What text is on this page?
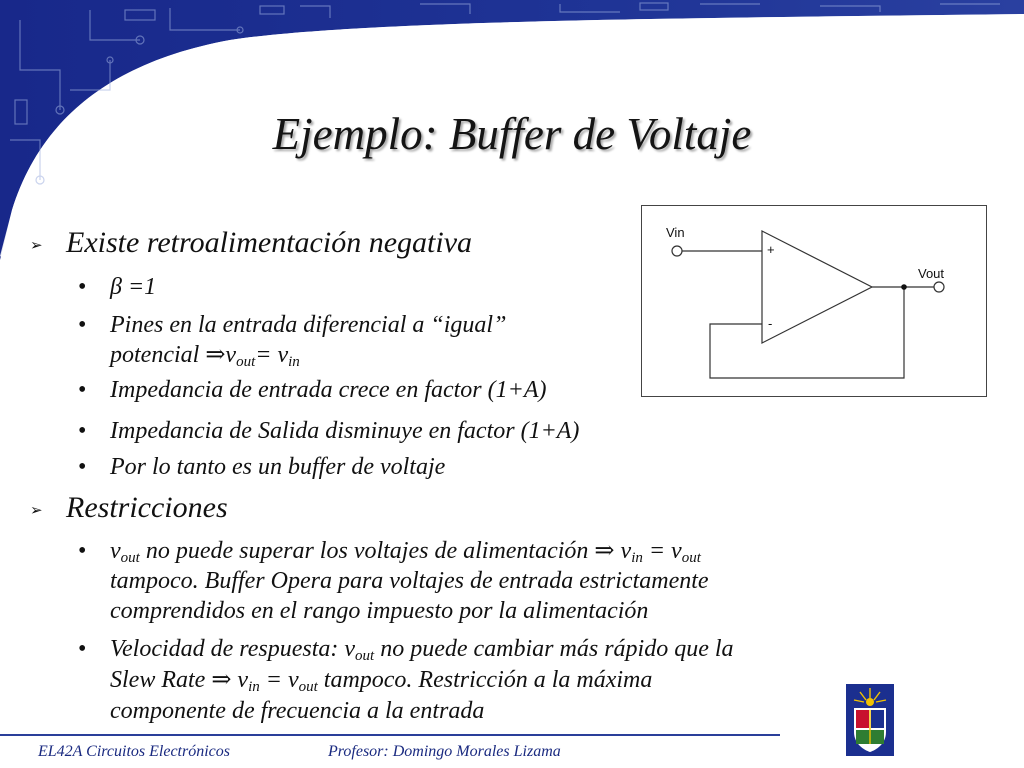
Ejemplo: Buffer de Voltaje
➢ Existe retroalimentación negativa
• β =1
• Pines en la entrada diferencial a “igual”
potencial $\Rightarrow v_{out}= v_{in}$
• Impedancia de entrada crece en factor (1+A)
• Impedancia de Salida disminuye en factor (1+A)
• Por lo tanto es un buffer de voltaje
➢ Restricciones
• $v_{out}$ no puede superar los voltajes de alimentación ⇒ $v_{in} = v_{out}$
tampoco. Buffer Opera para voltajes de entrada estrictamente
comprendidos en el rango impuesto por la alimentación
• Velocidad de respuesta: $v_{out}$ no puede cambiar más rápido que la
Slew Rate ⇒ $v_{in} = v_{out}$ tampoco. Restricción a la máxima
componente de frecuencia a la entrada
Vin
Vout
+
-
EL42A Circuitos Electrónicos	Profesor: Domingo Morales Lizama
